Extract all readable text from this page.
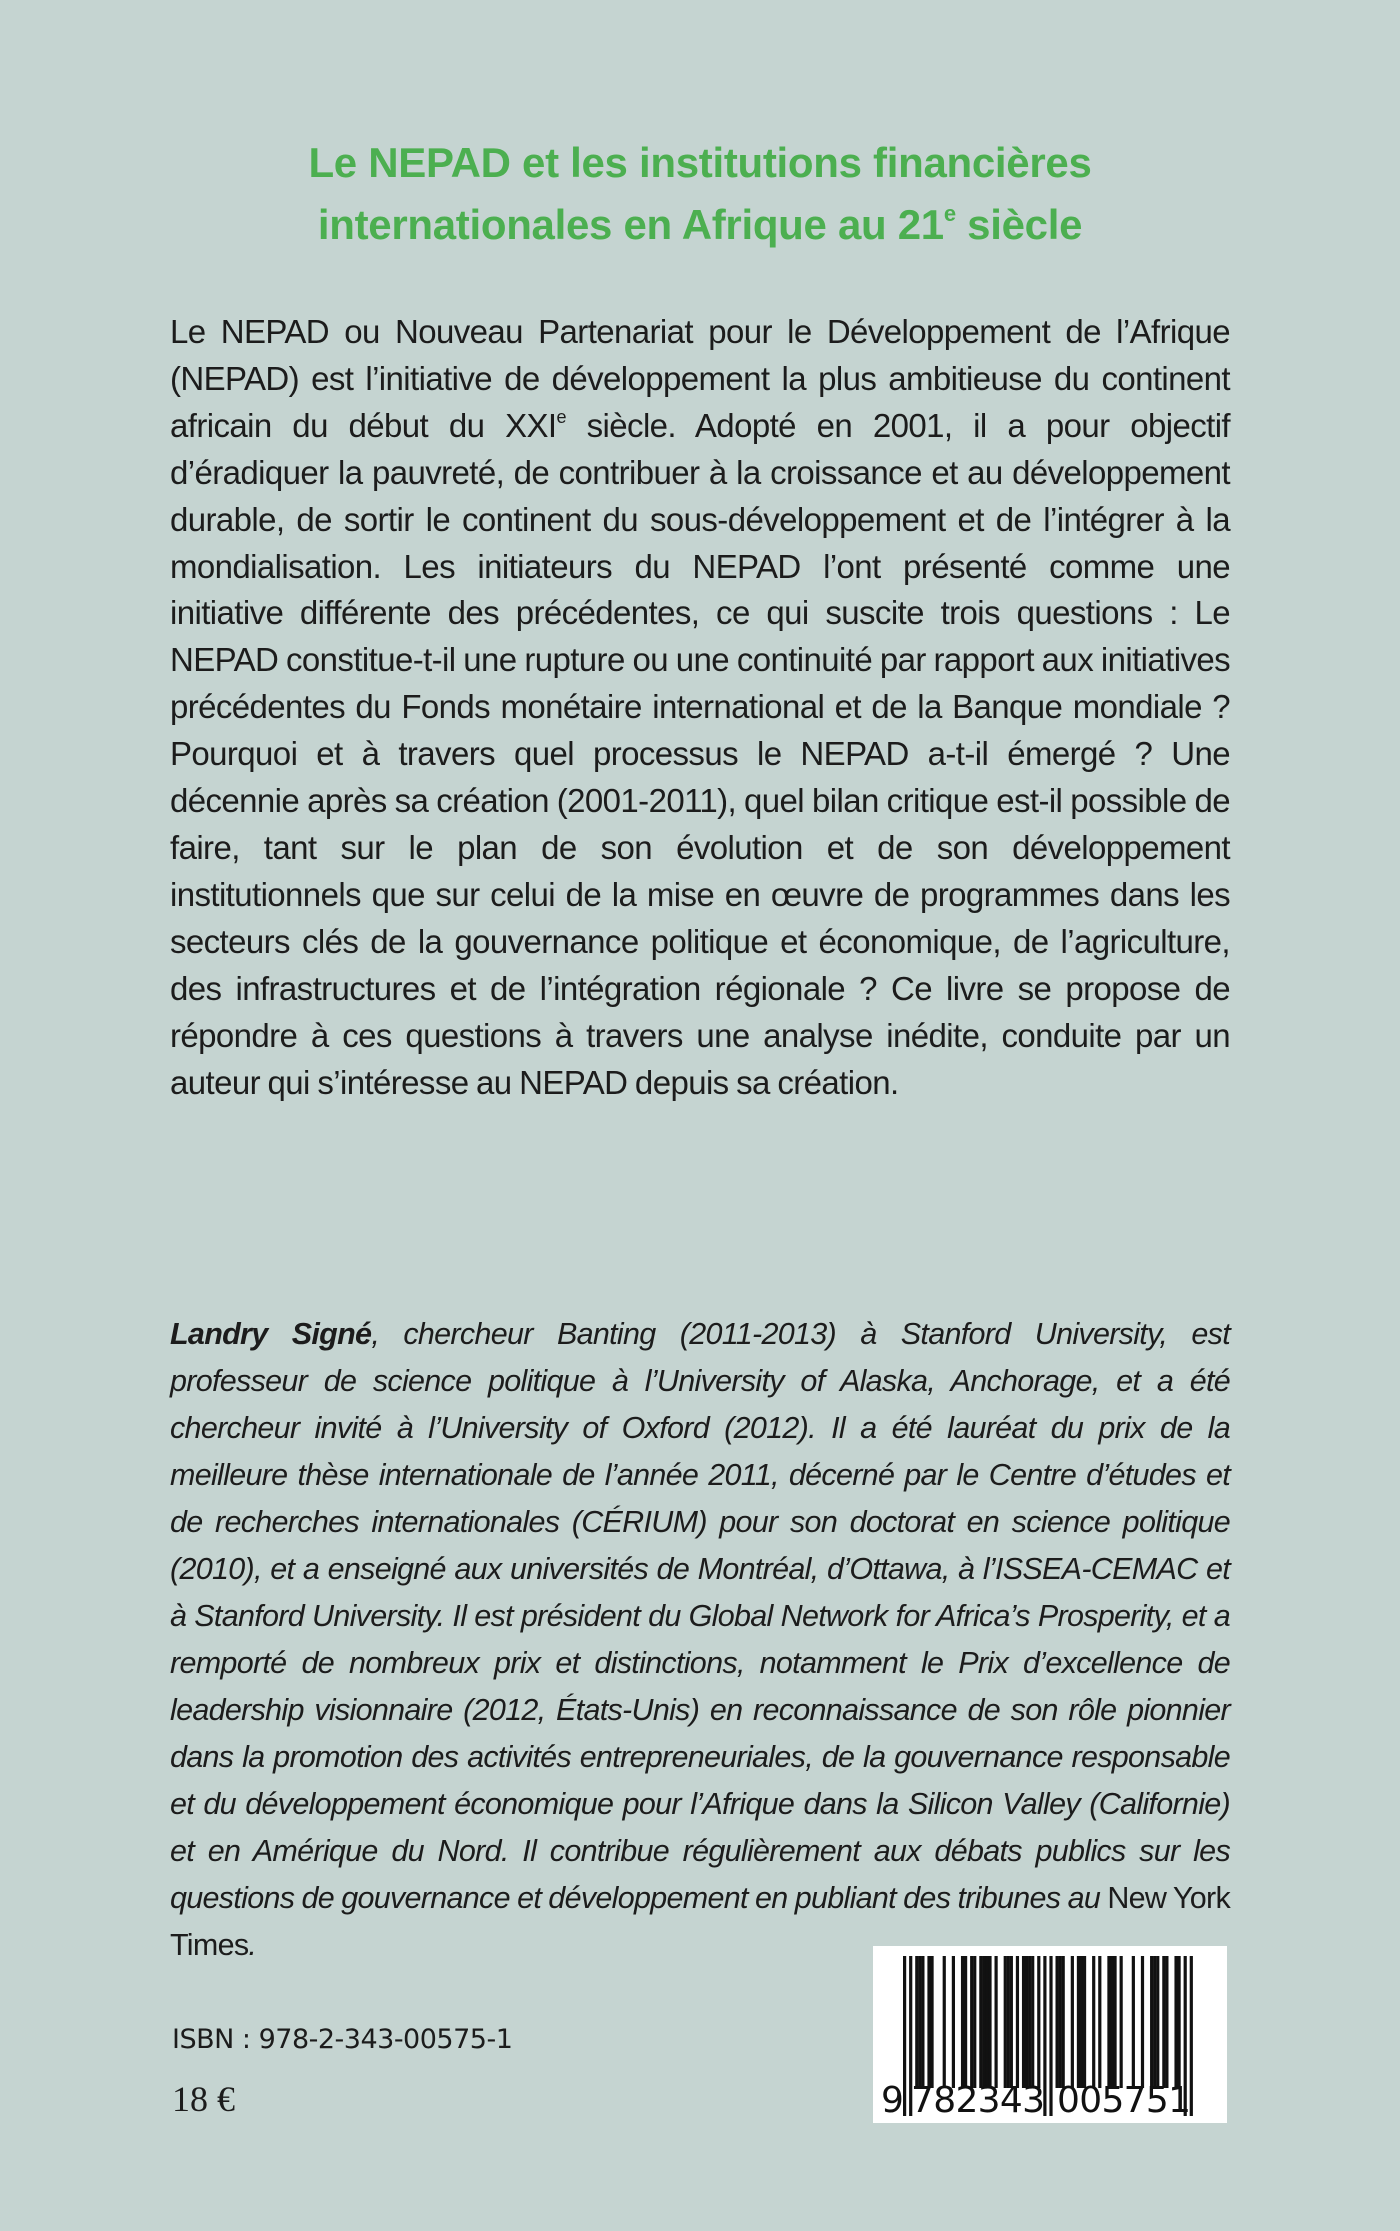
Le NEPAD et les institutions financières
internationales en Afrique au 21e siècle

Le NEPAD ou Nouveau Partenariat pour le Développement de l’Afrique (NEPAD) est l’initiative de développement la plus ambitieuse du continent africain du début du XXIe siècle. Adopté en 2001, il a pour objectif d’éradiquer la pauvreté, de contribuer à la croissance et au développement durable, de sortir le continent du sous-développement et de l’intégrer à la mondialisation. Les initiateurs du NEPAD l’ont présenté comme une initiative différente des précédentes, ce qui suscite trois questions : Le NEPAD constitue-t-il une rupture ou une continuité par rapport aux initiatives précédentes du Fonds monétaire international et de la Banque mondiale ? Pourquoi et à travers quel processus le NEPAD a-t-il émergé ? Une décennie après sa création (2001-2011), quel bilan critique est-il possible de faire, tant sur le plan de son évolution et de son développement institutionnels que sur celui de la mise en œuvre de programmes dans les secteurs clés de la gouvernance politique et économique, de l’agriculture, des infrastructures et de l’intégration régionale ? Ce livre se propose de répondre à ces questions à travers une analyse inédite, conduite par un auteur qui s’intéresse au NEPAD depuis sa création.

Landry Signé, chercheur Banting (2011-2013) à Stanford University, est professeur de science politique à l’University of Alaska, Anchorage, et a été chercheur invité à l’University of Oxford (2012). Il a été lauréat du prix de la meilleure thèse internationale de l’année 2011, décerné par le Centre d’études et de recherches internationales (CÉRIUM) pour son doctorat en science politique (2010), et a enseigné aux universités de Montréal, d’Ottawa, à l’ISSEA-CEMAC et à Stanford University. Il est président du Global Network for Africa’s Prosperity, et a remporté de nombreux prix et distinctions, notamment le Prix d’excellence de leadership visionnaire (2012, États-Unis) en reconnaissance de son rôle pionnier dans la promotion des activités entrepreneuriales, de la gouvernance responsable et du développement économique pour l’Afrique dans la Silicon Valley (Californie) et en Amérique du Nord. Il contribue régulièrement aux débats publics sur les questions de gouvernance et développement en publiant des tribunes au New York Times.

ISBN : 978-2-343-00575-1
18 €	9 782343 005751
